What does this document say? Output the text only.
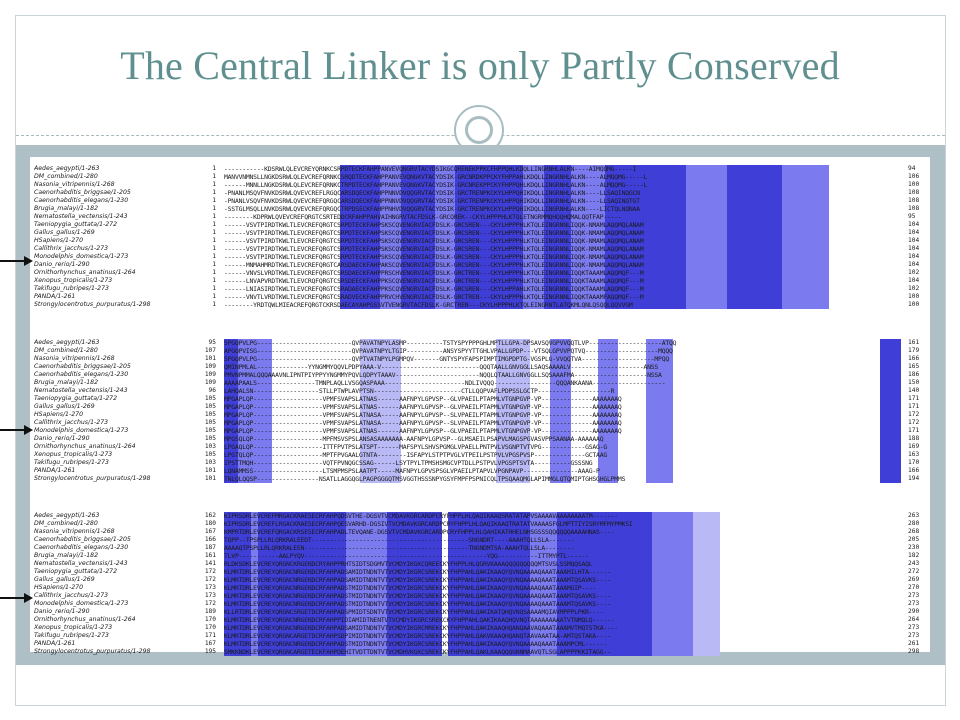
The Central Linker is only Partly Conserved
Aedes_aegypti/1-263	1 -----------KDSRWLQLEVCREYQRNKCSRPDTECKFAHPPANVEVQNGRVTACYDSIKGCQRENEKPPKCFHPPQHLKDQLLINGRNHLALKN----AIMQQMG-----I	94
DM_combined/1-280	1 MANVVNMNSLLNGKDSRWLQLEVCREFQRNKCSRQDTECKFAHPPANVEVQNGKVTACYDSIK-GRCNRDKPPCKYFHPPAHLKDQLLINGRNHLALKN----ALMQQMG-----L	106
Nasonia_vitripennis/1-268	1 ------MNNLLNGKDSRWLQLEVCREFQRNKCTRPDTECKFAHPPANVEVQNGKVTACYDSIK-GRCNREKPPCKYFHPPQHLKDQLLINGRNHLALKN----ALMQQMG-----L	100
Caenorhabditis_briggsae/1-205	1 -PNANLMSQVFNVKDSRWLQVEVCREFLRGQCARSDQECKFAHPPNNVDVQQGRVTACYDSIK-GRCTRENPKCKYLHPPQHIKDQLLINGRNHLALKN----LLSAQINQGCN	108
Caenorhabditis_elegans/1-230	1 -PNANLVSQVFNVKDSRWLQVEVCREFQRGQCARSDQECKFAHPPNNVDVQQGRVTACYDSIK-GRCTRENPKCKYLHPPQHIKDQLLINGRNHLALKN----LLSAQINQTGT	108
Brugia_malayi/1-182	1 -SSTGLMSQLLNVKDSRWLQVEVCREFQRGQCTRPDSECKFAHPPNHVDVQQGRVTACYDSIK-GRCTRENPKCKYLHPPQHIKDQLLINGRNHLALKN----LICTQLNQNAA	108
Nematostella_vectensis/1-243	1 --------KDPRWLQVEVCREFQRGTCSRTEDDCRFAHPPAHVAIHNGRVTACFDSLK-GRCQREK--CKYLHPPPHLKTQLETNGRMMQHQQHQMALQQTFAP-----	95
Taeniopygia_guttata/1-272	1 ------VSVTPIRDTKWLTLEVCREFQRGTCSRPDTECKFAHPSKSCQVENGRVIACFDSLK-GRCSREN---CKYLHPPPHLKTQLEINGRNNLIQQK-NMAMLAQQMQLANAM	104
Gallus_gallus/1-269	1 ------VSVTPIRDTKWLTLEVCREFQRGTCSRPDTECKFAHPSKSCQVENGRVIACFDSLK-GRCSREN---CKYLHPPPHLKTQLEINGRNNLIQQK-NMAMLAQQMQLANAM	104
HSapiens/1-270	1 ------VSVTPIRDTKWLTLEVCREFQRGTCSRPDTECKFAHPSKSCQVENGRVIACFDSLK-GRCSREN---CKYLHPPPHLKTQLEINGRNNLIQQK-NMAMLAQQMQLANAM	104
Callithrix_jacchus/1-273	1 ------VSVTPIRDTKWLTLEVCREFQRGTCSRPDTECKFAHPSKSCQVENGRVIACFDSLK-GRCSREN---CKYLHPPPHLKTQLEINGRNNLIQQK-NMAMLAQQMQLANAM	104
Monodelphis_domestica/1-273	1 ------VSVTPIRDTKWLTLEVCREFQRGTCSRPDTECKFAHPSKSCQVENGRVIACFDSLK-GRCSREN---CKYLHPPPHLKTQLEINGRNNLIQQK-NMAMLAQQMQLANAM	104
Danio_rerio/1-290	1 ------MNMAHMRDTKWLTLEVCREFQRGTCARSDAECKFAHPAKSCQVENGRVIACFDSLK-GRCSREN---CKYLHPPPHLKTQLEINGRNNLIQQK-NMAMLAQQMQLANAM	104
Ornithorhynchus_anatinus/1-264	1 ------VNVSLVRDTKWLTLEVCREFQRGTCSRSDAECKFAHPPRSCHVENGRVIACFDSLK-GRCTREN---CKYLHPPPHLKTQLEINGRNNLIQQKTAAAMLAQQMQF---M	102
Xenopus_tropicalis/1-273	1 ------LNVAPVRDTKWLTLEVCRQFQRGTCSRSDEECKFAHPPKSCQVENGRVIACFDSLK-GRCTREN---CKYLHPPPHLKTQLEINGRNNLIQQKTAAAMLAQQMQF---M	104
Takifugu_rubripes/1-273	1 ------LNIASIRDTKWLTLEVCREFQRGTCSRADAECKFAHPPKSCQVENGRVIACFDSLK-GRCSREN---CKYLHPPAHLKTQLEINGRNNLIQQKTAAAMLAQQMQF---M	102
PANDA/1-261	1 ------VNVTLVRDTKWLTLEVCREFQRGTCSRADVECKFAHPPRVCHVENGRVIACFDSLK-GRCTREN---CKYLHPPPHLKTQLEINGRNNLIQQKTAAAMFAQQMQF---M	100
Strongylocentrotus_purpuratus/1-298	1 --------YRDTQWLMIEACREFQRGTCKRSDAECAYAHPGSSVTVENGRVTACFDSLK-GRCTREN---CKYLHPPPHLKTQLEINGRNTLATQKMLQNLQSQQLQQVVGM	100
Aedes_aegypti/1-263	95 SPGQPVLPG--------------------------QVPAVATNPYLASMP----------TSTYSPYPPPGHLMPTLLGPA-DPSAVSQVGPVVQQTLVP--------------------ATQQ	161
DM_combined/1-280	107 APGQPVISG--------------------------QVPAVATNPYLTGIP----------ANSYSPYYTTGHLVPALLGPDP---VTSQLGPVVPQTVQ--------------------MQQQ	179
Nasonia_vitripennis/1-268	101 SPGQPVLPG--------------------------QVPTVATNPYLPGMPQV-------GNTYSPYFAPSPIMPTIMGPDPTG-VGSPLG-VVQQTVA--------------------MPQQ	166
Caenorhabditis_briggsae/1-205	109 QMINPMLAL--------------YYNGMMYQQVLPDPYAAA-V---------------------------QQQTAALLGNVGGLLSAQSAAAALV--------------------ANSS	165
Caenorhabditis_elegans/1-230	109 PMVNPMMALQQQAAAVNLIPNTPIYPPYYNGMMYPQVLQDPYTAAAV-----------------------NQQLQTAALLGNVGGLLSQSAAAFMA--------------------NSSA	186
Brugia_malayi/1-182	109 AAAAPAALS----------------TMNPLAQLLVSGQASPAAA----------------------NDLIVQQQ-----------------QQQANKAANA--------------------	150
Nematostella_vectensis/1-243	96 LAHQALSN------------------STLLPTWPLAVPTSN------------------------CTLLQQPVAFLPDPSSLGCTP--------------------R	140
Taeniopygia_guttata/1-272	105 MPGAPLQP-------------------VPMFSVAPSLATNAS------AAFNPYLGPVSP--GLVPAEILPTAPMLVTGNPGVP-VP--------------AAAAAAAQ	171
Gallus_gallus/1-269	105 MPGAPLQP-------------------VPMFSVAPSLATNAS------AAFNPYLGPVSP--GLVPAEILPTAPMLVTGNPGVP-VP--------------AAAAAAAQ	171
HSapiens/1-270	105 MPGAPLQP-------------------VPMFSVAPSLATNASA-----AAFNPYLGPVSP--SLVPAEILPTAPMLVTGNPGVP-VP--------------AAAAAAAQ	172
Callithrix_jacchus/1-273	105 MPGAPLQP-------------------VPMFSVAPSLATNASA-----AAFNPYLGPVSP--SLVPAEILPTAPMLVTGNPGVP-VP--------------AAAAAAAQ	172
Monodelphis_domestica/1-273	105 MPGAPLQP-------------------VPMFSVAPSLATNAS------AAFNPYLGPVSP--GLVPAEILPTAPMLVTGNPGVP-VP--------------AAAAAAAQ	171
Danio_rerio/1-290	105 MPGSQLQP-------------------MPFMSVSPSLANSASAAAAAAA-AAFNPYLGPVSP--GLMSAEILPSAPVLMAGSPGVASVPPSAANAA-AAAAAAQ	188
Ornithorhynchus_anatinus/1-264	103 LPGAQLQP-------------------ITTFPVTPSLATSPT------MAFSPYLSHVSPGMGLVPAELLPNTPVLVSGNPTVTVPG------------GSAG-G	169
Xenopus_tropicalis/1-273	105 LPGTQLQP-------------------MPTFPVGAALGTNTA--------ISFAPYLSTPTPVGLVTPEILPSTPVLVPGSPVSP--------------GCTAAG	163
Takifugu_rubripes/1-273	103 IPSTTMQH-------------------VQTFPVNQGCSSAG------LSYTPYLTPMSHSMGCVPTDLLPSTPVLVPGSPTSVTA----------GSSSNG	170
PANDA/1-261	101 LQNAMMSS-------------------LTSMPMSPSLAATPT-----MAFNPYLGPVSPSGLVPAEILPTAPVLVPGNPAVP---------------AAAG-P	166
Strongylocentrotus_purpuratus/1-298	101 TNLQLQQSP-----------------NSATLLAGGQGLPAGPGGGQTMSVGGTHSSSNPYGSYFMPFPSPNICQLTPSQAAQMGLAPIMMGLQTQMIPTGHSGHGLPMMS	194
Aedes_aegypti/1-263	162 KIPRSDRLEVCREFMRGACKRAESECRFAHPQDSVTHE-DGSVTVCMDAVKGRCARDPCRYFHPPLHLQAQIKAAQSRATATAPVSAAAAVAAAAAAAATM-------	263
DM_combined/1-280	180 KIPRSDRLEVCREFLRGACKRAESECRFAHPQESVARHD-DGSIVTVCMDAVKGRCARDPCRYFHPPLHLQAQIKAAQTRATATVAAAASFGLMPTTIYISRYMFMYPMKSI	280
Nasonia_vitripennis/1-268	167 KMPRTDRLEVCREFQRGACKRSESECRFAHPADLTEVQANE-DGSVTVCMDAVKGRCARDPCRYFHPPLHLQAHIKATHHELNHSGSSSQQQQQQAAAAHNAS----	268
Caenorhabditis_briggsae/1-205	166 TQPP--TPSPLLRLQRKRALEEDT-------------------------------------------SNGNDRT----AAAHTQLLSLA-------	205
Caenorhabditis_elegans/1-230	187 AAAAQTPSPLLRLQRKRALEEN---------------------------------------------TNGNDMTSA-AAAHTQLLSLA--------	230
Brugia_malayi/1-182	161 TLVP-----------AALPYQV--------------------------------------------------YQG-----------ITTMYPTL------	182
Nematostella_vectensis/1-243	141 RLDKSDKLEVCREYQRGNCKRGENDCRYAHPPRHTSIDTSDGMVTVCMDYIKGKCQREECKYFHPPLHLQGRVKAAAQQQQQQQQQMTSVSLSSMQQSAQL	243
Taeniopygia_guttata/1-272	172 KLMRTDRLEVCREYQRGNCNRGENDCRFAHPADSAMIDTNDNTVTVCMDYIKGRCSREKCKYFHPPAHLQAKIKAAQYQVNQAAAAQAAATAAAMILHTA------	272
Gallus_gallus/1-269	172 KLMRTDRLEVCREYQRGNCNRGENDCRFAHPADSAMIDTNDNTVTVCMDYIKGRCSREKCKYFHPPAHLQAKIKAAQYQVNQAAAAQAAATAAAMTQSAVKS----	269
HSapiens/1-270	173 KLMRTDRLEVCREYQRGNCNRGENDCRFAHPADSTMIDTNDNTVTVCMDYIKGRCSREKCKYFHPPAHLQAKIKAAQYQVNQAAAAQAAATAAAMGIP----	270
Callithrix_jacchus/1-273	173 KLMRTDRLEVCREYQRGNCNRGENDCRFAHPADSTMIDTNDNTVTVCMDYIKGRCSREKCKYFHPPAHLQAKIKAAQYQVNQAAAAQAAATAAAMTQSAVKS----	273
Monodelphis_domestica/1-273	172 KLMRTDRLEVCREYQRGNCNRGENDCRFAHPADSTMIDTNDNTVTVCMDYIKGRCSREKCKYFHPPAHLQAKIKAAQYQVNQAAAAQAAATAAAMTQSAVKS----	273
Danio_rerio/1-290	189 KLLRTDRLEVCREYQRGNCSRGETDCRFAHPADSPMIDTSDNTVTVCMDYIKGRCSREKCKYFHPPAHLQAKIKATQHQVNQSAAAAMQIAVMPPPLPKR----	290
Ornithorhynchus_anatinus/1-264	170 KLMRTDRLEVCREYQRGNCNRGENDCRFAHPPIDIAMIDTNENTVTVCMDYIKGRCSREKCKYFHPPAHLQAKIKAAQHQVNQTAAAAAAAAATVTNMQLQ------	264
Xenopus_tropicalis/1-273	170 KLMRTDRLEVCREYQRGNCNRGENDCRFAHPADSAMIDTNDNTVTVCMDYIKGRCMREKCKYFHPPAHLQAKIKAAQHQANQAAVAQAAATAAAMVTMQTSTKA----	273
Takifugu_rubripes/1-273	171 KLMRTDRLEVCREYQRGNCARGETDCRFAHPSDPIMIDTNDNTVTVCMDYIKGRCSREKCKYFHPPAHLQAKVKAAQHQANQTAAVAAATAA-AMTQSTAKA----	273
PANDA/1-261	167 KLMRTDRLEVCREYQRGNCNRGENDCRFAHPADSTMIDTNDNTVTVCMDYIKGRCSREKCKYFHPPAHLQAKIKAAQYQVNQAAAAQAAATAAAMPCML------	261
Strongylocentrotus_purpuratus/1-298	195 SMKKNDKLEVCREYQRGNCARGETECKFAHPDEHITVDTTDNTVTVCMDHVKGKCSREKCKYFHPPAHLQAKLKAAQQQGNNMAAVQTLSGLAPPPPKKITAGG--	298
